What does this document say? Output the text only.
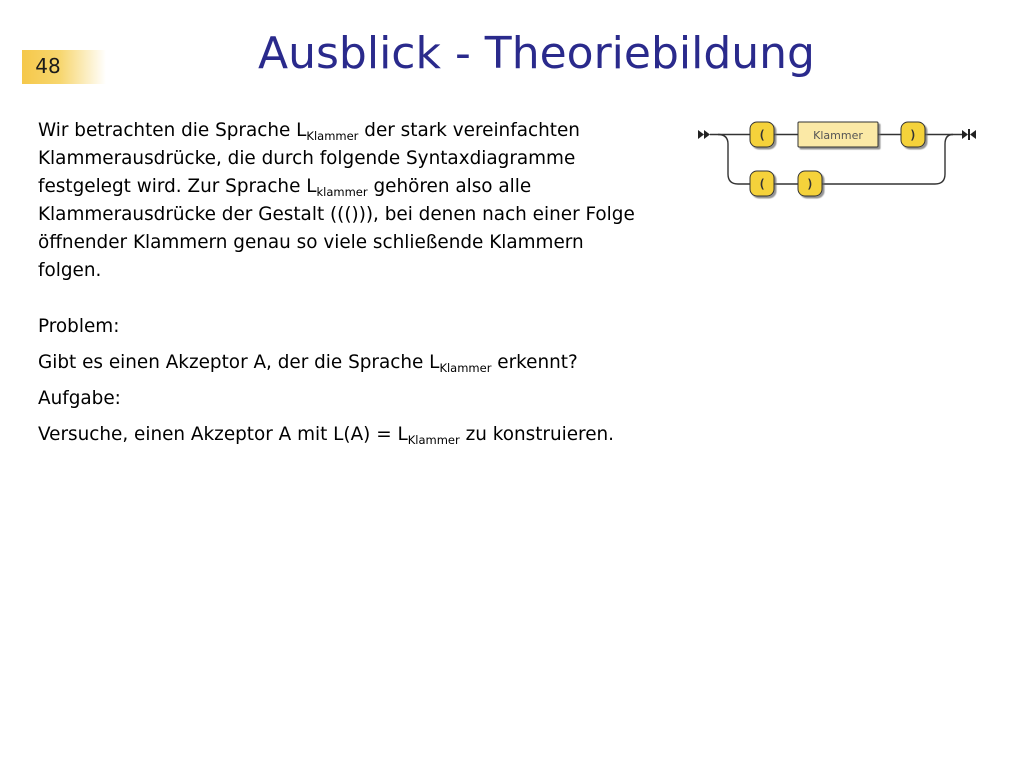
48	Ausblick - Theoriebildung

Wir betrachten die Sprache $L_{Klammer}$ der stark vereinfachten Klammerausdrücke, die durch folgende Syntaxdiagramme festgelegt wird. Zur Sprache $L_{klammer}$ gehören also alle Klammerausdrücke der Gestalt ((())), bei denen nach einer Folge öffnender Klammern genau so viele schließende Klammern folgen.

Problem:

Gibt es einen Akzeptor A, der die Sprache $L_{Klammer}$ erkennt?

Aufgabe:

Versuche, einen Akzeptor A mit $L(A) = L_{Klammer}$ zu konstruieren.

(	Klammer	)
(	)
